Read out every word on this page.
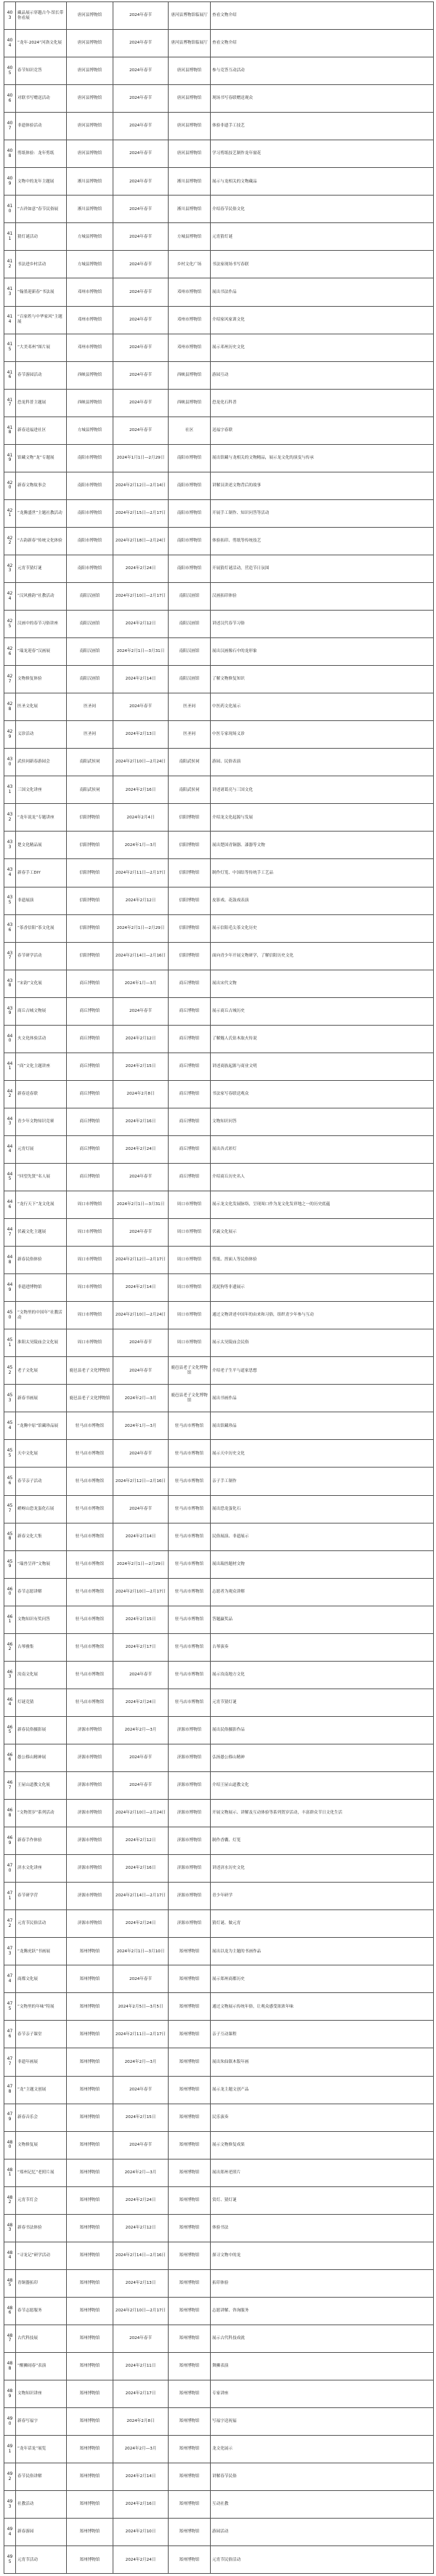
403	藏品展示穿越古今·馆长带你看展	唐河县博物馆	2024年春节	唐河县博物馆临展厅	查看文物介绍
404	“龙年·2024”河洛文化展	唐河县博物馆	2024年春节	唐河县博物馆临展厅	查看文物介绍
405	春节知识竞答	唐河县博物馆	2024年春节	唐河县博物馆	参与竞答互动活动
406	对联书写赠送活动	唐河县博物馆	2024年春节	唐河县博物馆	现场书写春联赠送观众
407	非遗体验活动	唐河县博物馆	2024年春节	唐河县博物馆	体验非遗手工技艺
408	剪纸体验：龙年剪纸	唐河县博物馆	2024年春节	唐河县博物馆	学习剪纸技艺制作龙年窗花
409	文物中的龙年主题展	淅川县博物馆	2024年春节	淅川县博物馆	展示与龙相关的文物藏品
410	“吉祥如意”春节民俗展	淅川县博物馆	2024年春节	淅川县博物馆	介绍春节民俗文化
411	猜灯谜活动	方城县博物馆	2024年春节	方城县博物馆	元宵猜灯谜
412	书法进乡村活动	方城县博物馆	2024年春节	乡村文化广场	书法家现场书写春联
413	“翰墨迎新春”书法展	邓州市博物馆	2024年春节	邓州市博物馆	展出书法作品
414	“百家姓与中华家风”主题展	邓州市博物馆	2024年春节	邓州市博物馆	介绍家风家训文化
415	“大美邓州”图片展	邓州市博物馆	2024年春节	邓州市博物馆	展示邓州历史文化
416	春节游园活动	西峡县博物馆	2024年春节	西峡县博物馆	游园互动
417	恐龙科普主题展	西峡县博物馆	2024年春节	西峡县博物馆	恐龙化石科普
418	新春送福进社区	方城县博物馆	2024年春节	社区	送福字春联
419	馆藏文物“龙”专题展	南阳市博物馆	2024年1月1日—2月29日	南阳市博物馆	展出馆藏与龙相关的文物精品，展示龙文化的演变与传承
420	新春文物故事会	南阳市博物馆	2024年2月12日—2月14日	南阳市博物馆	讲解员讲述文物背后的故事
421	“龙腾盛世”主题社教活动	南阳市博物馆	2024年2月15日—2月17日	南阳市博物馆	开展手工制作、知识问答等活动
422	“古韵新春”传统文化体验	南阳市博物馆	2024年2月18日—2月24日	南阳市博物馆	体验拓印、剪纸等传统技艺
423	元宵节猜灯谜	南阳市博物馆	2024年2月24日	南阳市博物馆	开展猜灯谜活动，营造节日氛围
424	“汉风雅韵”社教活动	南阳汉画馆	2024年2月10日—2月17日	南阳汉画馆	汉画拓印体验
425	汉画中的春节习俗讲座	南阳汉画馆	2024年2月12日	南阳汉画馆	讲述汉代春节习俗
426	“瑞龙迎春”汉画展	南阳汉画馆	2024年2月1日—3月31日	南阳汉画馆	展出汉画像石中的龙形象
427	文物修复体验	南阳汉画馆	2024年2月14日	南阳汉画馆	了解文物修复知识
428	医圣文化展	医圣祠	2024年春节	医圣祠	中医药文化展示
429	义诊活动	医圣祠	2024年2月13日	医圣祠	中医专家现场义诊
430	武侯祠新春游园会	南阳武侯祠	2024年2月10日—2月24日	南阳武侯祠	游园、民俗表演
431	三国文化讲座	南阳武侯祠	2024年2月16日	南阳武侯祠	讲述诸葛亮与三国文化
432	“龙年说龙”专题讲座	信阳博物馆	2024年2月4日	信阳博物馆	介绍龙文化起源与发展
433	楚文化精品展	信阳博物馆	2024年1月—3月	信阳博物馆	展出楚国青铜器、漆器等文物
434	新春手工DIY	信阳博物馆	2024年2月11日—2月17日	信阳博物馆	制作灯笼、中国结等传统手工艺品
435	非遗展演	信阳博物馆	2024年2月12日	信阳博物馆	皮影戏、花鼓戏表演
436	“茶香信阳”茶文化展	信阳博物馆	2024年2月1日—2月29日	信阳博物馆	展示信阳毛尖茶文化历史
437	春节研学活动	信阳博物馆	2024年2月14日—2月16日	信阳博物馆	面向青少年开展文物研学，了解信阳历史文化
438	“宋韵”文化展	商丘博物馆	2024年1月—3月	商丘博物馆	展出宋代文物
439	商丘古城文物展	商丘博物馆	2024年春节	商丘博物馆	展示商丘古城历史
440	火文化体验活动	商丘博物馆	2024年2月12日	商丘博物馆	了解燧人氏钻木取火传说
441	“商”文化主题讲座	商丘博物馆	2024年2月15日	商丘博物馆	讲述商族起源与商业文明
442	新春送春联	商丘博物馆	2024年2月8日	商丘博物馆	书法家写春联送观众
443	青少年文物知识竞赛	商丘博物馆	2024年2月16日	商丘博物馆	文物知识问答
444	元宵灯展	商丘博物馆	2024年2月24日	商丘博物馆	展出各式彩灯
445	“回望先贤”名人展	商丘博物馆	2024年春节	商丘博物馆	介绍商丘历史名人
446	“龙行天下”龙文化展	周口市博物馆	2024年2月1日—3月31日	周口市博物馆	展示龙文化发展脉络，呈现周口作为龙文化发祥地之一的历史底蕴
447	伏羲文化主题展	周口市博物馆	2024年春节	周口市博物馆	伏羲文化展示
448	新春民俗体验	周口市博物馆	2024年2月12日—2月17日	周口市博物馆	剪纸、捏面人等民俗体验
449	非遗进博物馆	周口市博物馆	2024年2月14日	周口市博物馆	泥泥狗等非遗展示
450	“文物里的中国年”社教活动	周口市博物馆	2024年2月10日—2月24日	周口市博物馆	通过文物讲述中国年的由来和习俗，组织青少年参与互动
451	淮阳太昊陵庙会文化展	周口市博物馆	2024年春节	周口市博物馆	展示太昊陵庙会民俗
452	老子文化展	鹿邑县老子文化博物馆	2024年春节	鹿邑县老子文化博物馆	介绍老子生平与道家思想
453	新春书画展	鹿邑县老子文化博物馆	2024年2月—3月	鹿邑县老子文化博物馆	展出书画作品
454	“龙腾中原”馆藏珍品展	驻马店市博物馆	2024年1月—3月	驻马店市博物馆	展出馆藏珍品
455	天中文化展	驻马店市博物馆	2024年春节	驻马店市博物馆	展示天中历史文化
456	春节亲子活动	驻马店市博物馆	2024年2月12日—2月16日	驻马店市博物馆	亲子手工制作
457	嵖岈山恐龙蛋化石展	驻马店市博物馆	2024年春节	驻马店市博物馆	展出恐龙蛋化石
458	新春文化大集	驻马店市博物馆	2024年2月14日	驻马店市博物馆	民俗展演、非遗展示
459	“瑞兽呈祥”文物展	驻马店市博物馆	2024年2月1日—2月29日	驻马店市博物馆	展出瑞兽题材文物
460	春节志愿讲解	驻马店市博物馆	2024年2月10日—2月17日	驻马店市博物馆	志愿者为观众讲解
461	文物知识有奖问答	驻马店市博物馆	2024年2月15日	驻马店市博物馆	答题赢奖品
462	古琴雅集	驻马店市博物馆	2024年2月17日	驻马店市博物馆	古琴演奏
463	汝南文化展	驻马店市博物馆	2024年春节	驻马店市博物馆	展示汝南地方文化
464	灯谜竞猜	驻马店市博物馆	2024年2月24日	驻马店市博物馆	元宵节猜灯谜
465	新春民俗摄影展	济源市博物馆	2024年2月—3月	济源市博物馆	展出民俗摄影作品
466	愚公移山精神展	济源市博物馆	2024年春节	济源市博物馆	弘扬愚公移山精神
467	王屋山道教文化展	济源市博物馆	2024年春节	济源市博物馆	介绍王屋山道教文化
468	“文物贺岁”系列活动	济源市博物馆	2024年2月10日—2月24日	济源市博物馆	开展文物展示、讲解及互动体验等系列贺岁活动，丰富群众节日文化生活
469	新春手作体验	济源市博物馆	2024年2月12日	济源市博物馆	制作香囊、灯笼
470	济水文化讲座	济源市博物馆	2024年2月16日	济源市博物馆	讲述济水历史文化
471	春节研学营	济源市博物馆	2024年2月14日—2月17日	济源市博物馆	青少年研学
472	元宵节民俗活动	济源市博物馆	2024年2月24日	济源市博物馆	猜灯谜、做元宵
473	“龙腾虎跃”书画展	郑州博物馆	2024年2月1日—3月10日	郑州博物馆	展出以龙为主题的书画作品
474	商都文化展	郑州博物馆	2024年春节	郑州博物馆	展示郑州商都历史
475	“文物里的年味”特展	郑州博物馆	2024年2月5日—3月5日	郑州博物馆	通过文物展示传统年俗，让观众感受浓浓年味
476	春节亲子课堂	郑州博物馆	2024年2月11日—2月17日	郑州博物馆	亲子互动课程
477	非遗年画展	郑州博物馆	2024年2月—3月	郑州博物馆	展出朱仙镇木版年画
478	“龙”主题文创展	郑州博物馆	2024年春节	郑州博物馆	展示龙主题文创产品
479	新春音乐会	郑州博物馆	2024年2月15日	郑州博物馆	民乐演奏
480	文物修复展	郑州博物馆	2024年春节	郑州博物馆	展示文物修复成果
481	“郑州记忆”老照片展	郑州博物馆	2024年2月—3月	郑州博物馆	展出郑州老照片
482	元宵节灯会	郑州博物馆	2024年2月24日	郑州博物馆	赏灯、猜灯谜
483	新春书法体验	郑州博物馆	2024年2月12日	郑州博物馆	体验书法
484	“寻龙记”研学活动	郑州博物馆	2024年2月14日—2月16日	郑州博物馆	探寻文物中的龙
485	青铜器拓印	郑州博物馆	2024年2月13日	郑州博物馆	拓印体验
486	春节志愿服务	郑州博物馆	2024年2月10日—2月17日	郑州博物馆	志愿讲解、咨询服务
487	古代科技展	郑州博物馆	2024年春节	郑州博物馆	展示古代科技成就
488	“醒狮闹春”表演	郑州博物馆	2024年2月11日	郑州博物馆	舞狮表演
489	文物知识讲座	郑州博物馆	2024年2月17日	郑州博物馆	专家讲座
490	新春写福字	郑州博物馆	2024年2月8日	郑州博物馆	写福字送祝福
491	“龙年话龙”展览	郑州博物馆	2024年2月—3月	郑州博物馆	龙文化展示
492	春节民俗讲解	郑州博物馆	2024年2月14日	郑州博物馆	讲解春节民俗
493	社教活动	郑州博物馆	2024年2月16日	郑州博物馆	互动社教
494	新春游园	郑州博物馆	2024年2月10日	郑州博物馆	游园活动
495	元宵节活动	郑州博物馆	2024年2月24日	郑州博物馆	元宵节民俗活动
